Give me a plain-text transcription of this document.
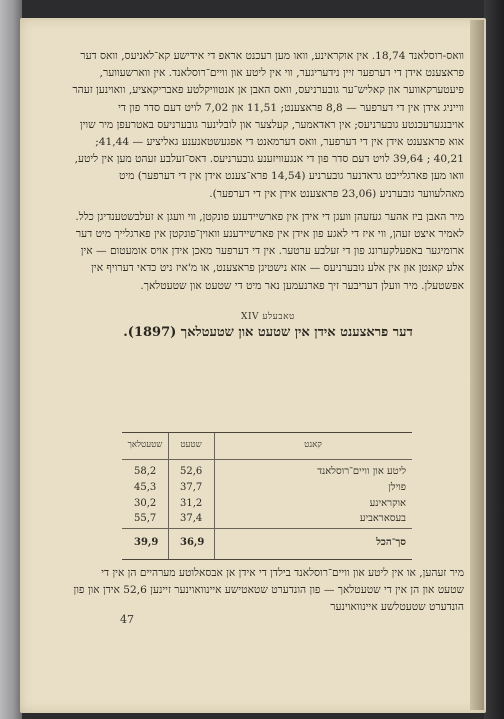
וואס-רוסלאנד 18,74. אין אוקראינע, וואו מען רעכנט אראפ די אידישע קא־לאניעס, וואס דער פראצענט אידן די דערפער זיין נידעריגער, ווי אין ליטע און וויים־רוסלאנד. אין ווארשעווער, פיעטערקאווער און קאליש־ער גובערניעס, וואס האבן אן אנטוויקלטע פאבריקאציע, וואוינען זעהר ווייניג אידן אין די דערפער — 8,8 פראצענט; 11,51 און 7,02 לויט דעם סדר פון די אויבנגערעכנטע גובערניעס; אין ראדאמער, קעלצער און לובלינער גובערניעס באטרעפן מיר שוין אוא פראצענט אידן אין די דערפער, וואס דערמאנט די אפגעשטאנענע גאליציע — 41,44; 40,21 ; 39,64 לויט דעם סדר פון די אנגעוויזענע גובערניעס. דאס־זעלבע זעהט מען אין ליטע, וואו מען פארגלייכט גראדנער גובערניע (14,54 פרא־צענט אידן אין די דערפער) מיט מאהלעווער גובערניע (23,06 פראצענט אידן אין די דערפער).

מיר האבן ביז אהער געזעהן וועגן די אידן אין פארשיידענע פונקטן, ווי וועגן א זעלבשטענדיגן כלל. לאמיר איצט זעהן, ווי איז די לאגע פון אידן אין פארשיידענע וואוין־פונקטן אין פארגלייך מיט דער ארומיגער באפעלקערונג פון די זעלבע ערטער. אין די דערפער מאכן אידן אויס אומעטום — אין אלע קאנטן און אין אלע גובערניעס — אזא נישטיגן פראצענט, או מ'איז ניט כדאי דערויף אין אפשטעלן. מיר וועלן דעריבער זיך פארנעמען נאר מיט די שטעט און שטעטלאך.

טאבעלע XIV
דער פראצענט אידן אין שטעט און שטעטלאך (1897).
שטעטלאך	שטעט	קאנט
58,2 52,6	ליטע און וויים־רוסלאנד
45,3 37,7	פוילן
30,2 31,2	אוקראינע
55,7 37,4	בעסאראביע
39,9 36,9	סך־הכל

מיר זעהען, או אין ליטע און וויים־רוסלאנד בילדן די אידן אן אבסאלוטע מערהיים הן אין די שטעט און הן אין די שטעטלאך — פון הונדערט שטאטישע איינוואוינער זיינען 52,6 אידן און פון הונדערט שטעטלשע איינוואוינער

47
